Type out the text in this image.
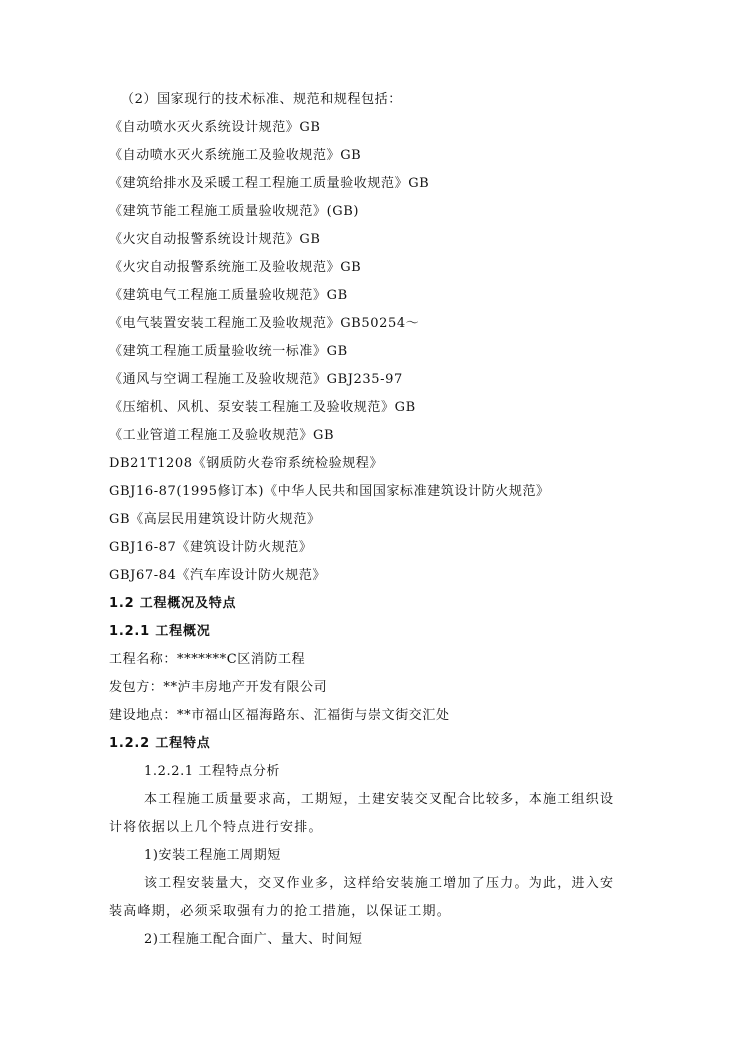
（2）国家现行的技术标准、规范和规程包括：
《自动喷水灭火系统设计规范》GB
《自动喷水灭火系统施工及验收规范》GB
《建筑给排水及采暖工程工程施工质量验收规范》GB
《建筑节能工程施工质量验收规范》(GB)
《火灾自动报警系统设计规范》GB
《火灾自动报警系统施工及验收规范》GB
《建筑电气工程施工质量验收规范》GB
《电气装置安装工程施工及验收规范》GB50254～
《建筑工程施工质量验收统一标准》GB
《通风与空调工程施工及验收规范》GBJ235-97
《压缩机、风机、泵安装工程施工及验收规范》GB
《工业管道工程施工及验收规范》GB
DB21T1208《钢质防火卷帘系统检验规程》
GBJ16-87(1995修订本)《中华人民共和国国家标准建筑设计防火规范》
GB《高层民用建筑设计防火规范》
GBJ16-87《建筑设计防火规范》
GBJ67-84《汽车库设计防火规范》
1.2 工程概况及特点
1.2.1 工程概况
工程名称：*******C区消防工程
发包方：**泸丰房地产开发有限公司
建设地点：**市福山区福海路东、汇福街与崇文街交汇处
1.2.2 工程特点
1.2.2.1 工程特点分析
本工程施工质量要求高，工期短，土建安装交叉配合比较多，本施工组织设
计将依据以上几个特点进行安排。
1)安装工程施工周期短
该工程安装量大，交叉作业多，这样给安装施工增加了压力。为此，进入安
装高峰期，必须采取强有力的抢工措施，以保证工期。
2)工程施工配合面广、量大、时间短
